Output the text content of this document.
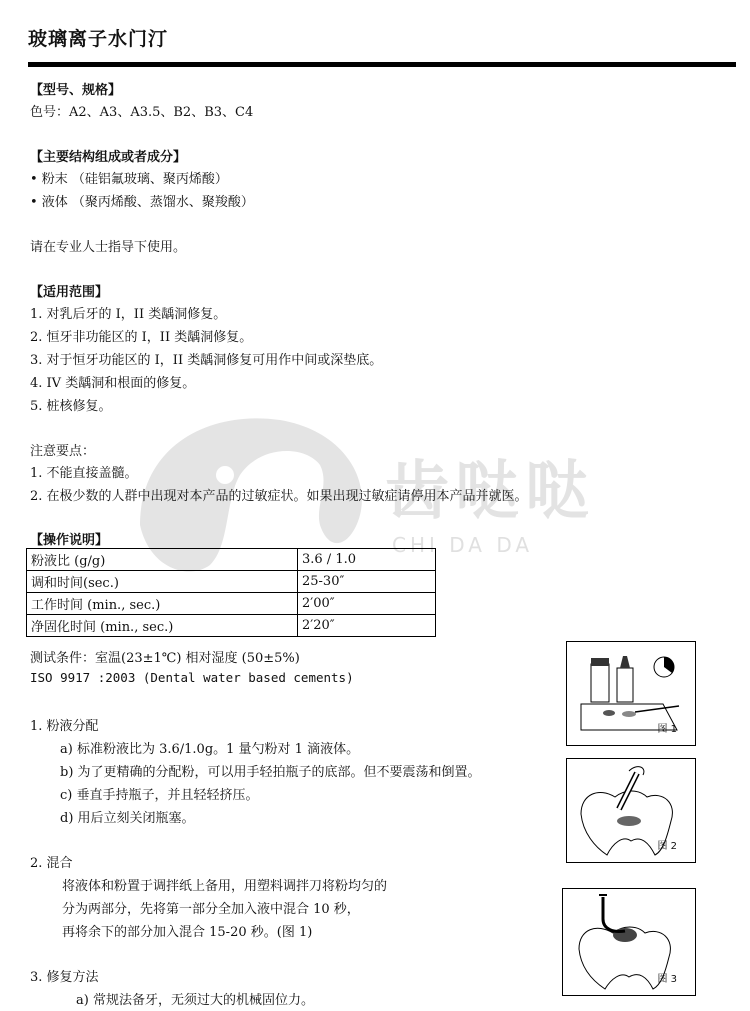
齿哒哒
CHI DA DA
玻璃离子水门汀
【型号、规格】
色号：A2、A3、A3.5、B2、B3、C4
【主要结构组成或者成分】
• 粉末 （硅铝氟玻璃、聚丙烯酸）
• 液体 （聚丙烯酸、蒸馏水、聚羧酸）
请在专业人士指导下使用。
【适用范围】
1. 对乳后牙的 I，II 类龋洞修复。
2. 恒牙非功能区的 I，II 类龋洞修复。
3. 对于恒牙功能区的 I，II 类龋洞修复可用作中间或深垫底。
4. IV 类龋洞和根面的修复。
5. 桩核修复。
注意要点：
1. 不能直接盖髓。
2. 在极少数的人群中出现对本产品的过敏症状。如果出现过敏症请停用本产品并就医。
【操作说明】
粉液比 (g/g)	3.6 / 1.0
调和时间(sec.)	25-30″
工作时间 (min., sec.)	2′00″
净固化时间 (min., sec.)	2′20″
测试条件：室温(23±1℃) 相对湿度 (50±5%)
ISO 9917 :2003 (Dental water based cements)
1. 粉液分配
a) 标准粉液比为 3.6/1.0g。1 量勺粉对 1 滴液体。
b) 为了更精确的分配粉，可以用手轻拍瓶子的底部。但不要震荡和倒置。
c) 垂直手持瓶子，并且轻轻挤压。
d) 用后立刻关闭瓶塞。
2. 混合
将液体和粉置于调拌纸上备用，用塑料调拌刀将粉均匀的
分为两部分，先将第一部分全加入液中混合 10 秒，
再将余下的部分加入混合 15-20 秒。(图 1)
3. 修复方法
a) 常规法备牙，无须过大的机械固位力。
图 1
图 2
图 3
